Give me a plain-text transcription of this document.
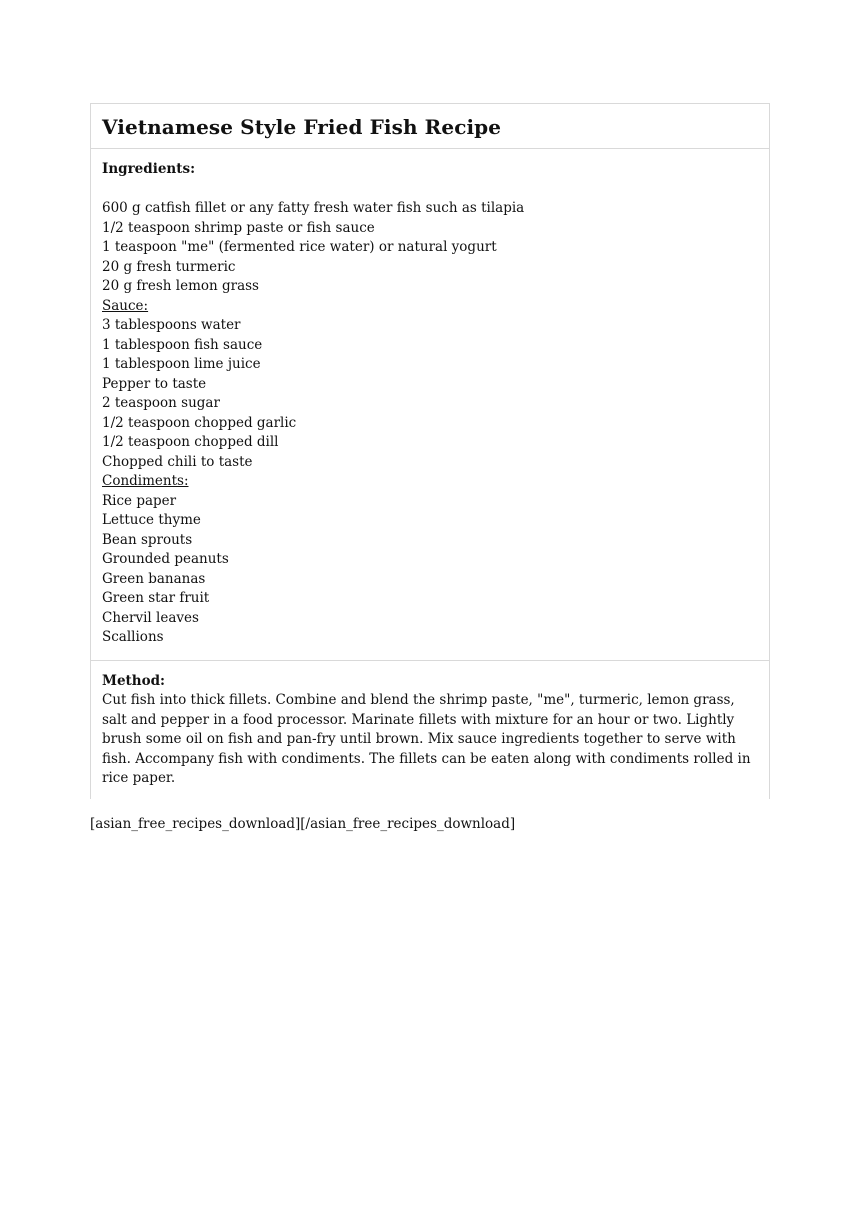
Vietnamese Style Fried Fish Recipe

Ingredients:

600 g catfish fillet or any fatty fresh water fish such as tilapia

1/2 teaspoon shrimp paste or fish sauce

1 teaspoon "me" (fermented rice water) or natural yogurt

20 g fresh turmeric

20 g fresh lemon grass

Sauce:

3 tablespoons water

1 tablespoon fish sauce

1 tablespoon lime juice

Pepper to taste

2 teaspoon sugar

1/2 teaspoon chopped garlic

1/2 teaspoon chopped dill

Chopped chili to taste

Condiments:

Rice paper

Lettuce thyme

Bean sprouts

Grounded peanuts

Green bananas

Green star fruit

Chervil leaves

Scallions

Method:

Cut fish into thick fillets. Combine and blend the shrimp paste, "me", turmeric, lemon grass, salt and pepper in a food processor. Marinate fillets with mixture for an hour or two. Lightly brush some oil on fish and pan-fry until brown. Mix sauce ingredients together to serve with fish. Accompany fish with condiments. The fillets can be eaten along with condiments rolled in rice paper.

[asian_free_recipes_download][/asian_free_recipes_download]
